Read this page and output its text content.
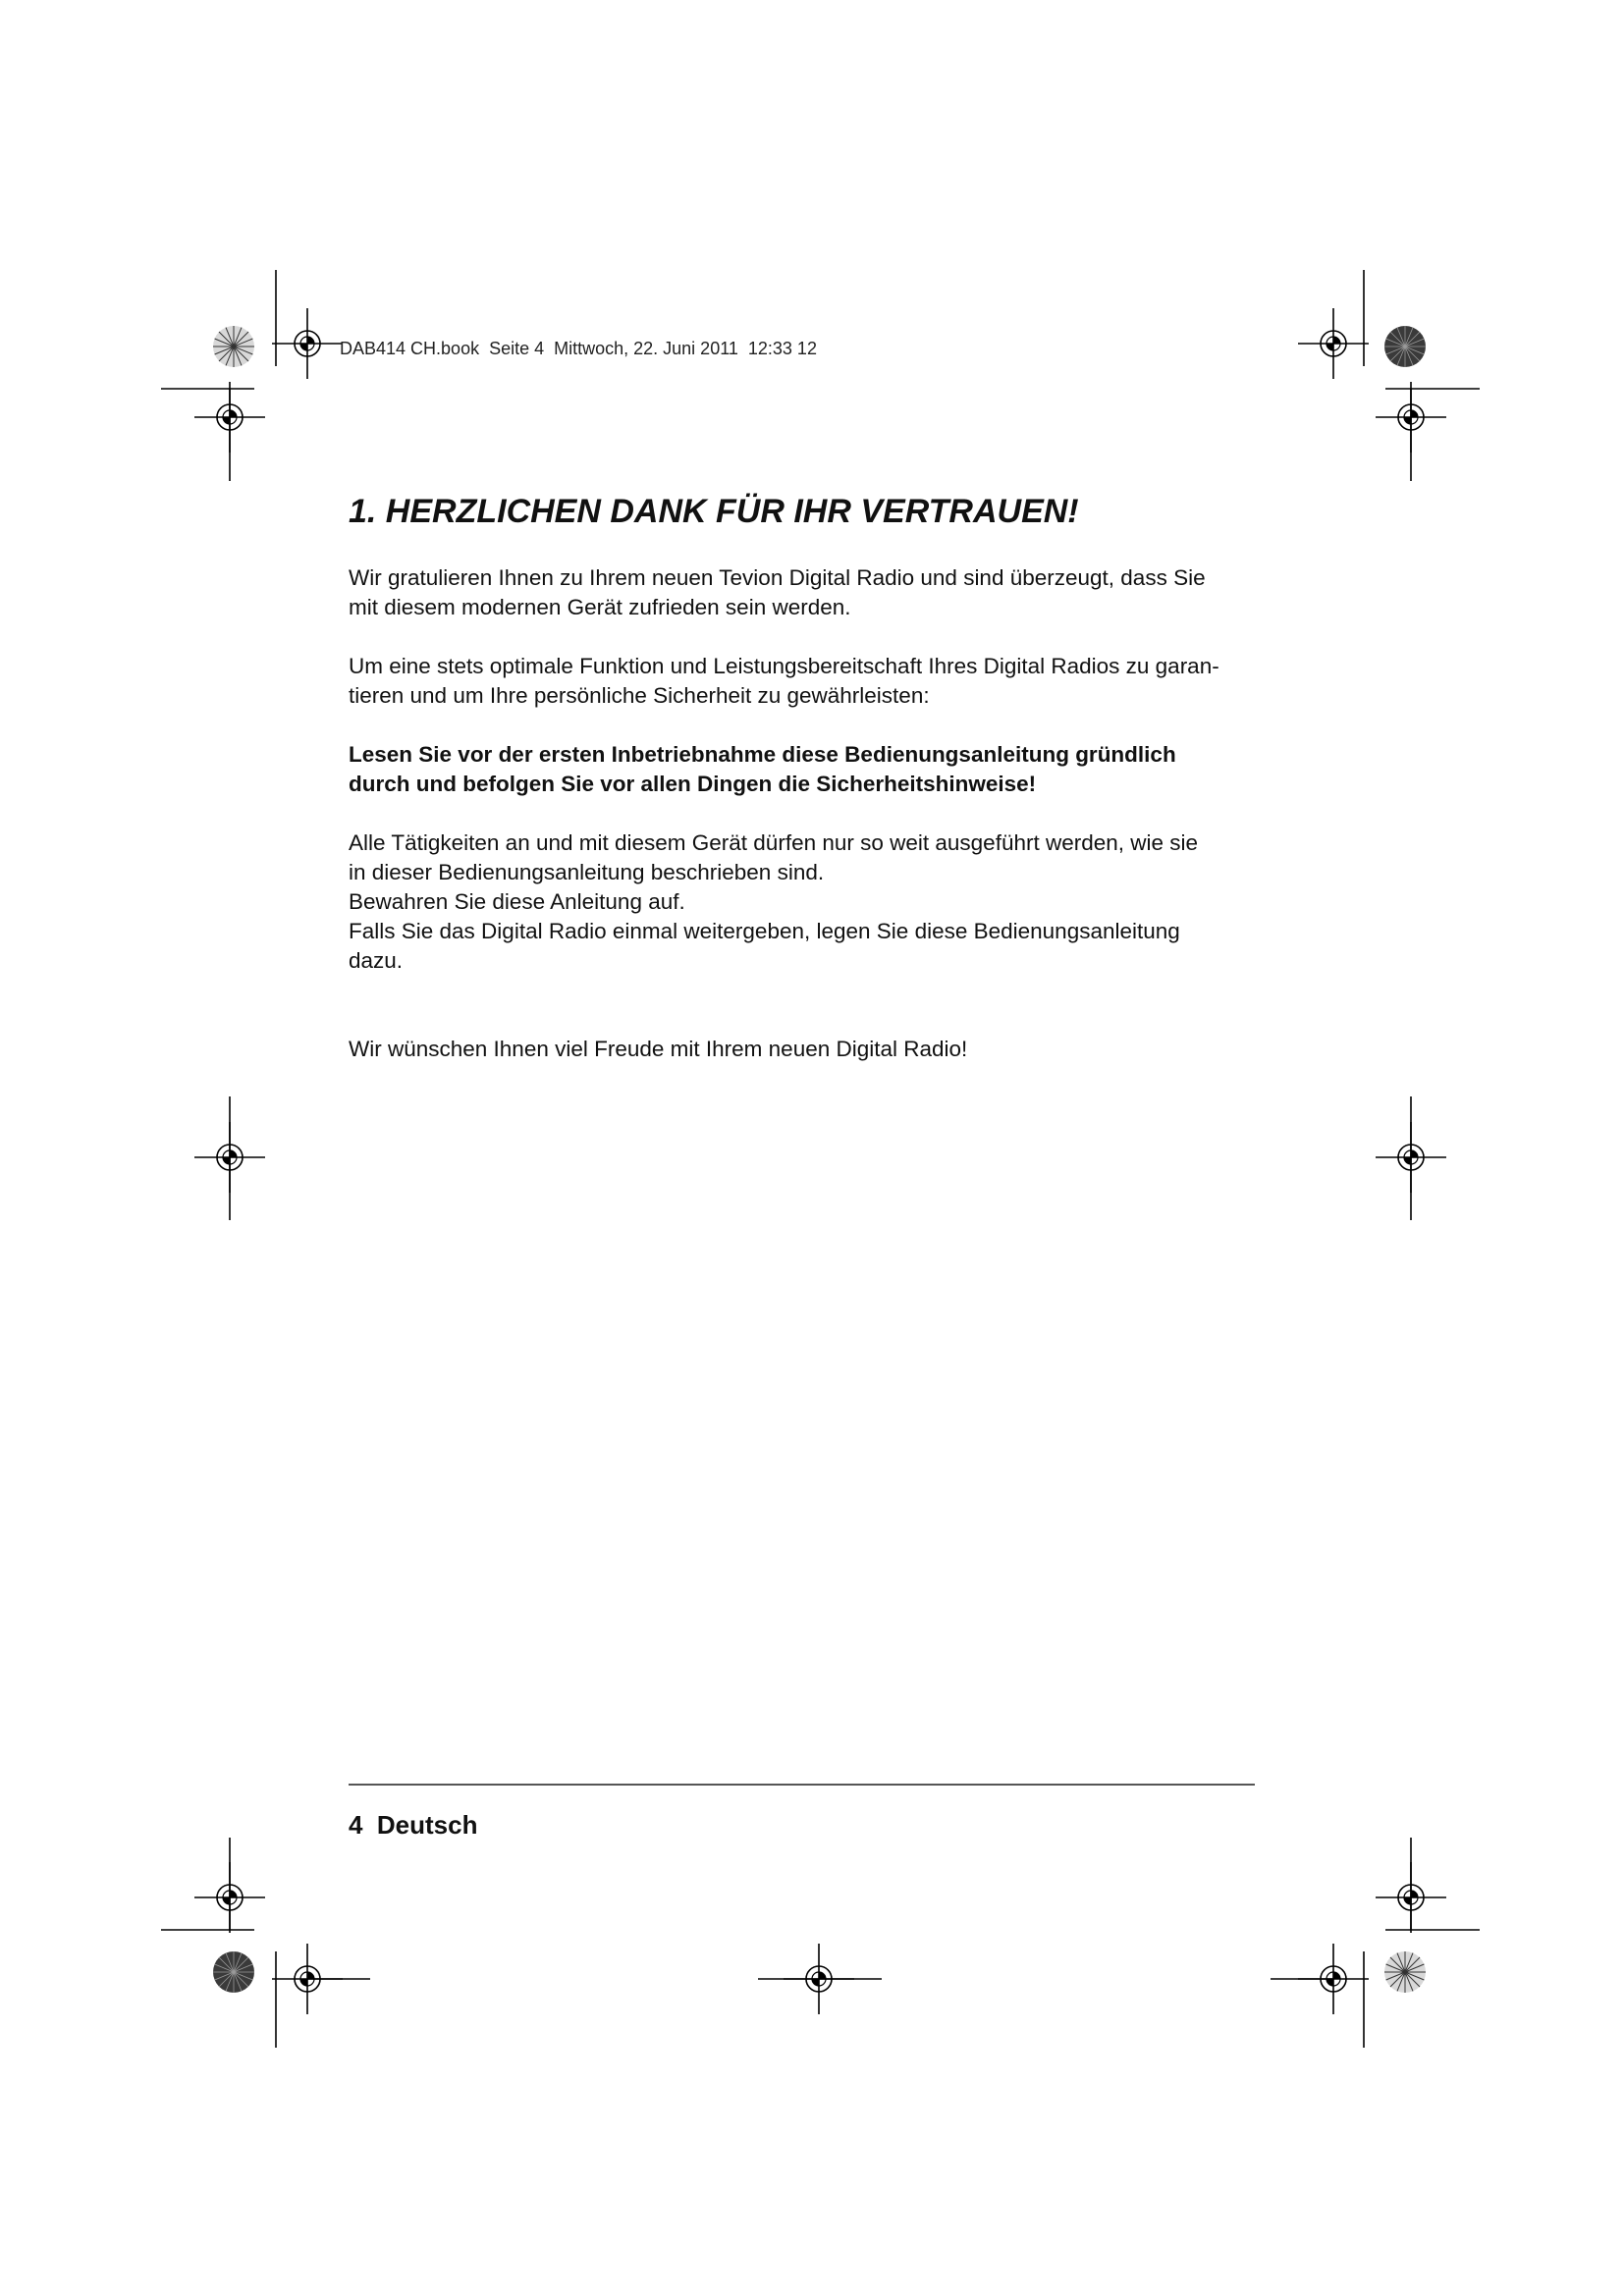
DAB414 CH.book  Seite 4  Mittwoch, 22. Juni 2011  12:33 12
1. HERZLICHEN DANK FÜR IHR VERTRAUEN!

Wir gratulieren Ihnen zu Ihrem neuen Tevion Digital Radio und sind überzeugt, dass Sie

mit diesem modernen Gerät zufrieden sein werden.

Um eine stets optimale Funktion und Leistungsbereitschaft Ihres Digital Radios zu garan-

tieren und um Ihre persönliche Sicherheit zu gewährleisten:

Lesen Sie vor der ersten Inbetriebnahme diese Bedienungsanleitung gründlich

durch und befolgen Sie vor allen Dingen die Sicherheitshinweise!

Alle Tätigkeiten an und mit diesem Gerät dürfen nur so weit ausgeführt werden, wie sie

in dieser Bedienungsanleitung beschrieben sind.

Bewahren Sie diese Anleitung auf.

Falls Sie das Digital Radio einmal weitergeben, legen Sie diese Bedienungsanleitung

dazu.

Wir wünschen Ihnen viel Freude mit Ihrem neuen Digital Radio!

4  Deutsch
